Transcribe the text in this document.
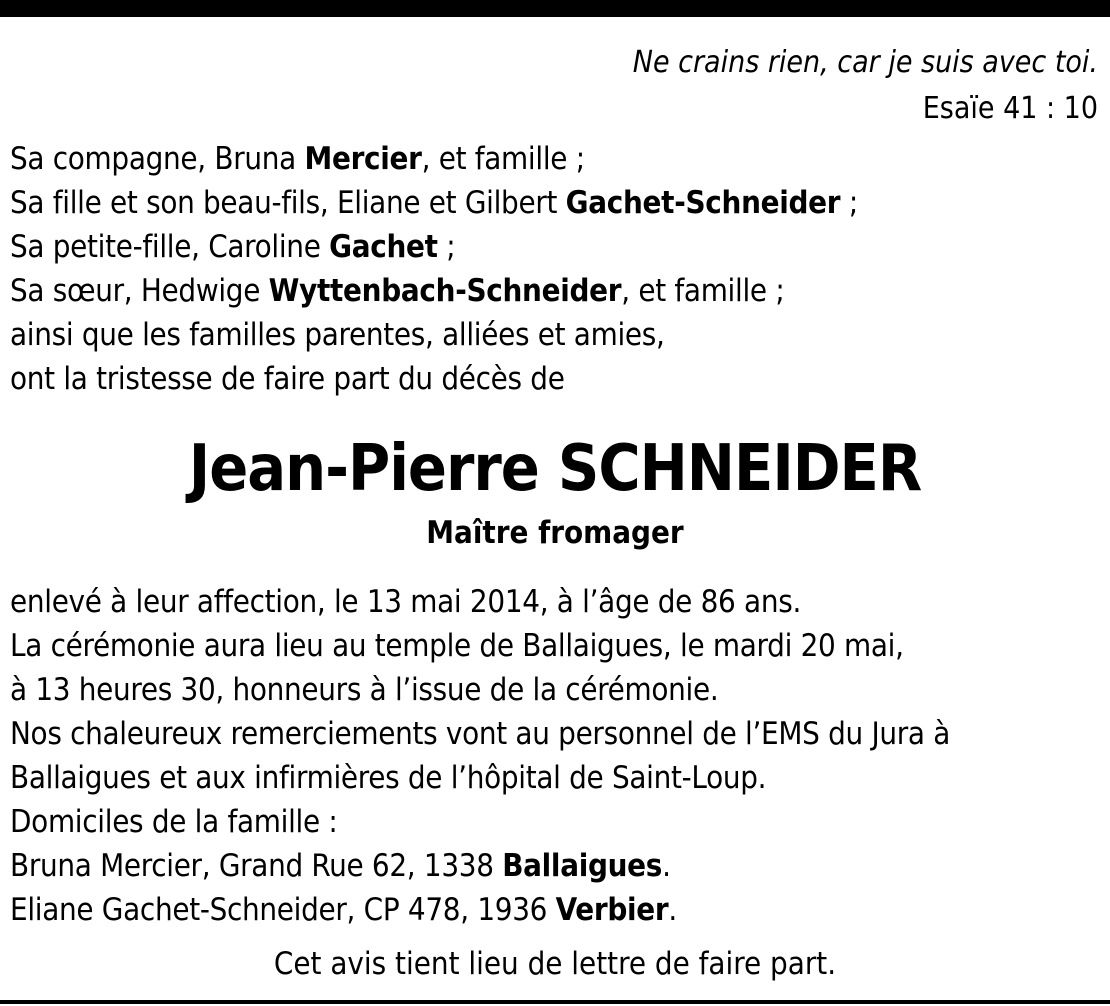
Ne crains rien, car je suis avec toi.
Esaïe 41 : 10
Sa compagne, Bruna Mercier, et famille ;
Sa fille et son beau-fils, Eliane et Gilbert Gachet-Schneider ;
Sa petite-fille, Caroline Gachet ;
Sa sœur, Hedwige Wyttenbach-Schneider, et famille ;
ainsi que les familles parentes, alliées et amies,
ont la tristesse de faire part du décès de
Jean-Pierre SCHNEIDER
Maître fromager
enlevé à leur affection, le 13 mai 2014, à l’âge de 86 ans.
La cérémonie aura lieu au temple de Ballaigues, le mardi 20 mai,
à 13 heures 30, honneurs à l’issue de la cérémonie.
Nos chaleureux remerciements vont au personnel de l’EMS du Jura à
Ballaigues et aux infirmières de l’hôpital de Saint-Loup.
Domiciles de la famille :
Bruna Mercier, Grand Rue 62, 1338 Ballaigues.
Eliane Gachet-Schneider, CP 478, 1936 Verbier.
Cet avis tient lieu de lettre de faire part.
